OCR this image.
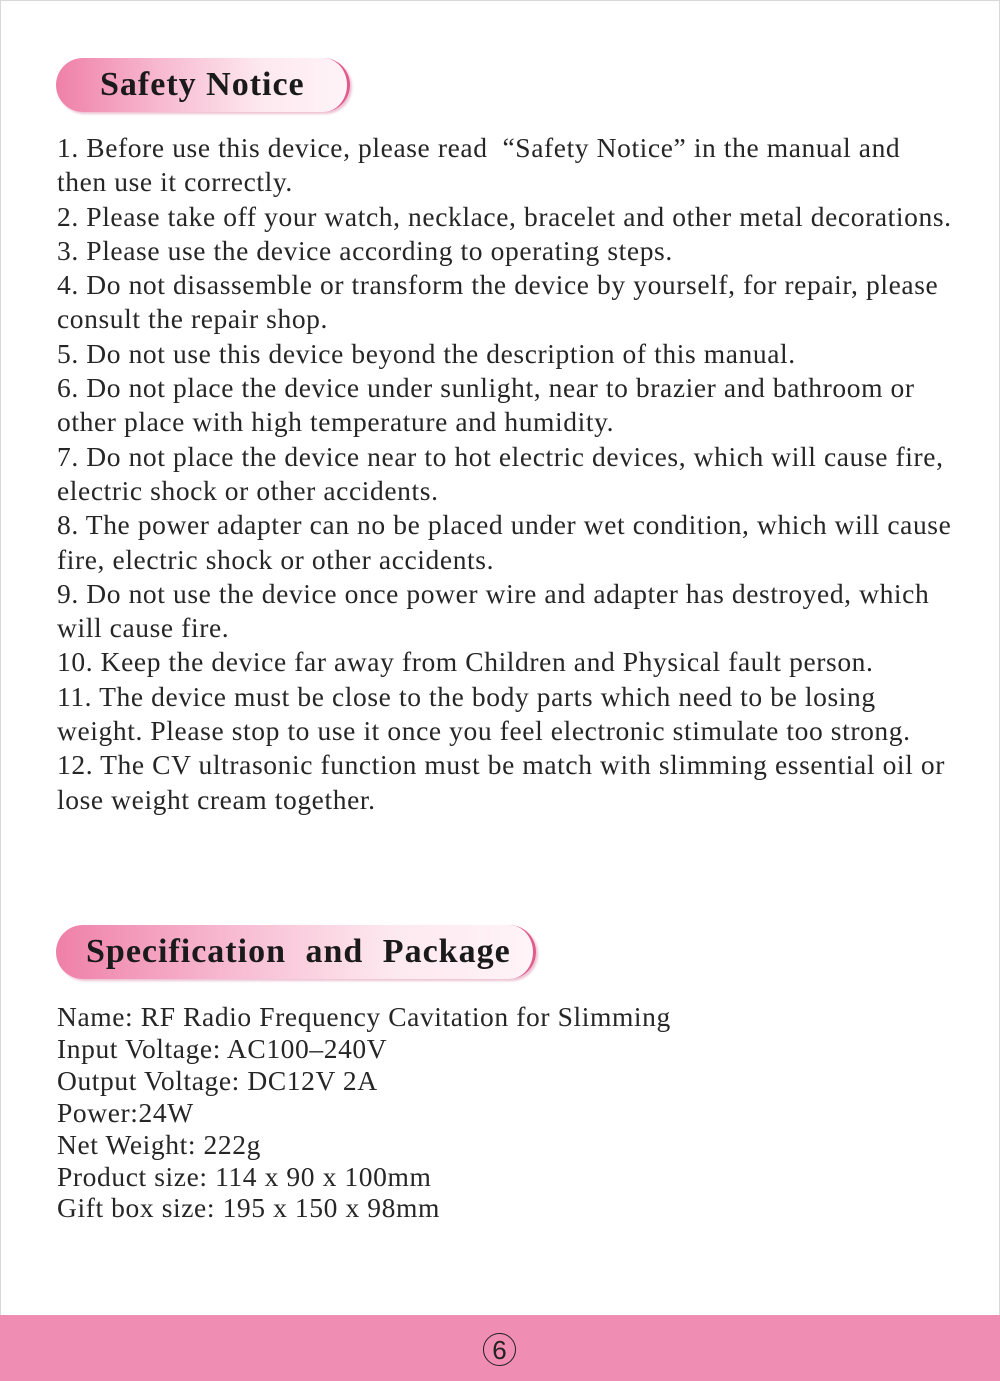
Safety Notice

1. Before use this device, please read  “Safety Notice” in the manual and then use it correctly.

2. Please take off your watch, necklace, bracelet and other metal decorations.

3. Please use the device according to operating steps.

4. Do not disassemble or transform the device by yourself, for repair, please consult the repair shop.

5. Do not use this device beyond the description of this manual.

6. Do not place the device under sunlight, near to brazier and bathroom or other place with high temperature and humidity.

7. Do not place the device near to hot electric devices, which will cause fire, electric shock or other accidents.

8. The power adapter can no be placed under wet condition, which will cause fire, electric shock or other accidents.

9. Do not use the device once power wire and adapter has destroyed, which will cause fire.

10. Keep the device far away from Children and Physical fault person.

11. The device must be close to the body parts which need to be losing weight. Please stop to use it once you feel electronic stimulate too strong.

12. The CV ultrasonic function must be match with slimming essential oil or lose weight cream together.

Specification and Package

Name: RF Radio Frequency Cavitation for Slimming

Input Voltage: AC100–240V

Output Voltage: DC12V 2A

Power:24W

Net Weight: 222g

Product size: 114 x 90 x 100mm

Gift box size: 195 x 150 x 98mm

6
